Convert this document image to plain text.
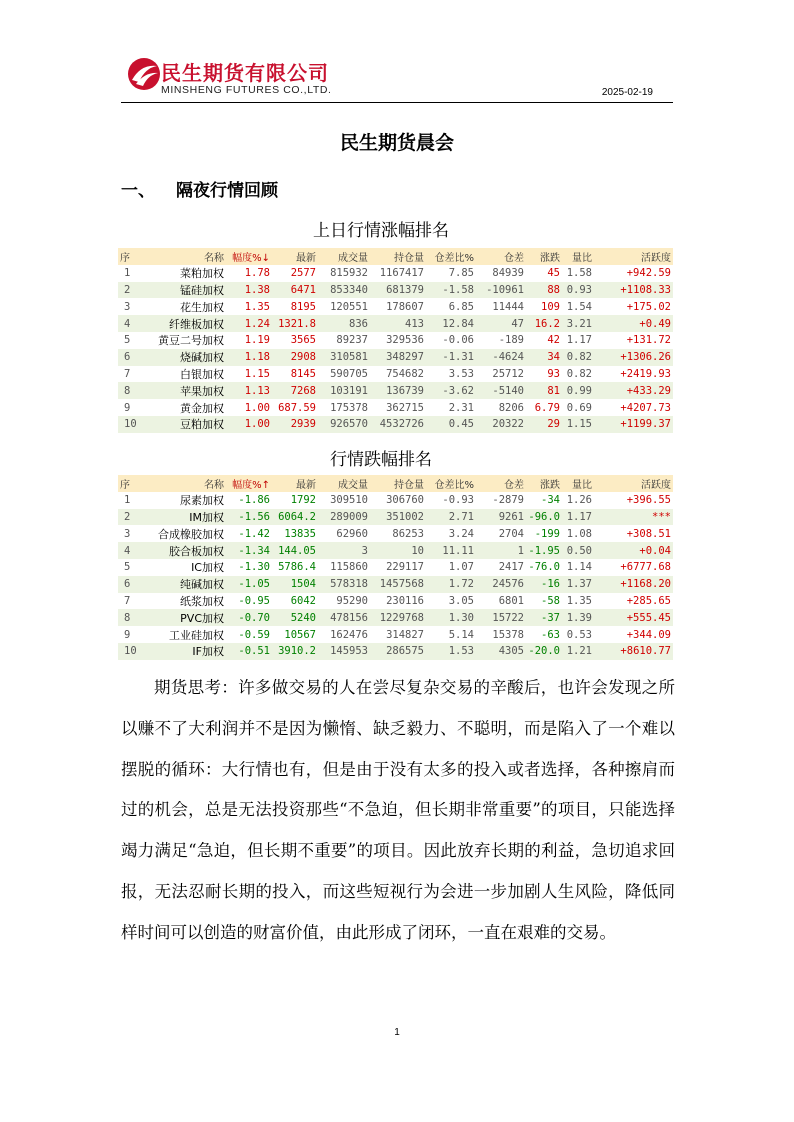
民生期货有限公司
MINSHENG FUTURES CO.,LTD.	2025-02-19
民生期货晨会
一、 隔夜行情回顾
上日行情涨幅排名
序	名称	幅度%↓	最新	成交量	持仓量	仓差比%	仓差	涨跌	量比	活跃度
1	菜粕加权	1.78	2577	815932	1167417	7.85	84939	45	1.58	+942.59
2	锰硅加权	1.38	6471	853340	681379	-1.58	-10961	88	0.93	+1108.33
3	花生加权	1.35	8195	120551	178607	6.85	11444	109	1.54	+175.02
4	纤维板加权	1.24	1321.8	836	413	12.84	47	16.2	3.21	+0.49
5	黄豆二号加权	1.19	3565	89237	329536	-0.06	-189	42	1.17	+131.72
6	烧碱加权	1.18	2908	310581	348297	-1.31	-4624	34	0.82	+1306.26
7	白银加权	1.15	8145	590705	754682	3.53	25712	93	0.82	+2419.93
8	苹果加权	1.13	7268	103191	136739	-3.62	-5140	81	0.99	+433.29
9	黄金加权	1.00	687.59	175378	362715	2.31	8206	6.79	0.69	+4207.73
10	豆粕加权	1.00	2939	926570	4532726	0.45	20322	29	1.15	+1199.37
行情跌幅排名
序	名称	幅度%↑	最新	成交量	持仓量	仓差比%	仓差	涨跌	量比	活跃度
1	尿素加权	-1.86	1792	309510	306760	-0.93	-2879	-34	1.26	+396.55
2	IM加权	-1.56	6064.2	289009	351002	2.71	9261	-96.0	1.17	***
3	合成橡胶加权	-1.42	13835	62960	86253	3.24	2704	-199	1.08	+308.51
4	胶合板加权	-1.34	144.05	3	10	11.11	1	-1.95	0.50	+0.04
5	IC加权	-1.30	5786.4	115860	229117	1.07	2417	-76.0	1.14	+6777.68
6	纯碱加权	-1.05	1504	578318	1457568	1.72	24576	-16	1.37	+1168.20
7	纸浆加权	-0.95	6042	95290	230116	3.05	6801	-58	1.35	+285.65
8	PVC加权	-0.70	5240	478156	1229768	1.30	15722	-37	1.39	+555.45
9	工业硅加权	-0.59	10567	162476	314827	5.14	15378	-63	0.53	+344.09
10	IF加权	-0.51	3910.2	145953	286575	1.53	4305	-20.0	1.21	+8610.77

期货思考：许多做交易的人在尝尽复杂交易的辛酸后，也许会发现之所以赚不了大利润并不是因为懒惰、缺乏毅力、不聪明，而是陷入了一个难以摆脱的循环：大行情也有，但是由于没有太多的投入或者选择，各种擦肩而过的机会，总是无法投资那些“不急迫，但长期非常重要”的项目，只能选择竭力满足“急迫，但长期不重要”的项目。因此放弃长期的利益，急切追求回报，无法忍耐长期的投入，而这些短视行为会进一步加剧人生风险，降低同样时间可以创造的财富价值，由此形成了闭环，一直在艰难的交易。

1
